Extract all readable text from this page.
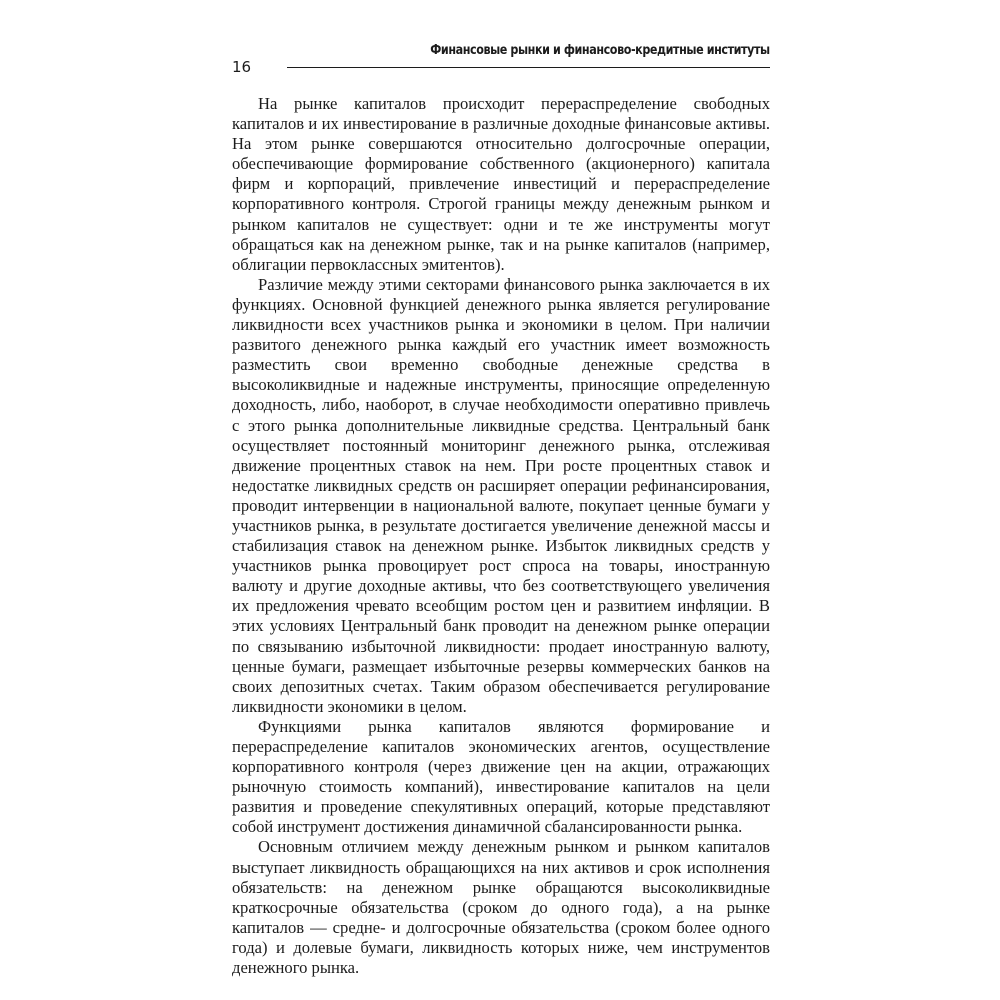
16
Финансовые рынки и финансово-кредитные институты

На рынке капиталов происходит перераспределение свободных капиталов и их инвестирование в различные доходные финансовые активы. На этом рынке совершаются относительно долгосрочные операции, обеспечивающие формирование собственного (акционерного) капитала фирм и корпораций, привлечение инвестиций и перераспределение корпоративного контроля. Строгой границы между денежным рынком и рынком капиталов не существует: одни и те же инструменты могут обращаться как на денежном рынке, так и на рынке капиталов (например, облигации первоклассных эмитентов).

Различие между этими секторами финансового рынка заключается в их функциях. Основной функцией денежного рынка является регулирование ликвидности всех участников рынка и экономики в целом. При наличии развитого денежного рынка каждый его участник имеет возможность разместить свои временно свободные денежные средства в высоколиквидные и надежные инструменты, приносящие определенную доходность, либо, наоборот, в случае необходимости оперативно привлечь с этого рынка дополнительные ликвидные средства. Центральный банк осуществляет постоянный мониторинг денежного рынка, отслеживая движение процентных ставок на нем. При росте процентных ставок и недостатке ликвидных средств он расширяет операции рефинансирования, проводит интервенции в национальной валюте, покупает ценные бумаги у участников рынка, в результате достигается увеличение денежной массы и стабилизация ставок на денежном рынке. Избыток ликвидных средств у участников рынка провоцирует рост спроса на товары, иностранную валюту и другие доходные активы, что без соответствующего увеличения их предложения чревато всеобщим ростом цен и развитием инфляции. В этих условиях Центральный банк проводит на денежном рынке операции по связыванию избыточной ликвидности: продает иностранную валюту, ценные бумаги, размещает избыточные резервы коммерческих банков на своих депозитных счетах. Таким образом обеспечивается регулирование ликвидности экономики в целом.

Функциями рынка капиталов являются формирование и перераспределение капиталов экономических агентов, осуществление корпоративного контроля (через движение цен на акции, отражающих рыночную стоимость компаний), инвестирование капиталов на цели развития и проведение спекулятивных операций, которые представляют собой инструмент достижения динамичной сбалансированности рынка.

Основным отличием между денежным рынком и рынком капиталов выступает ликвидность обращающихся на них активов и срок исполнения обязательств: на денежном рынке обращаются высоколиквидные краткосрочные обязательства (сроком до одного года), а на рынке капиталов — средне- и долгосрочные обязательства (сроком более одного года) и долевые бумаги, ликвидность которых ниже, чем инструментов денежного рынка.
